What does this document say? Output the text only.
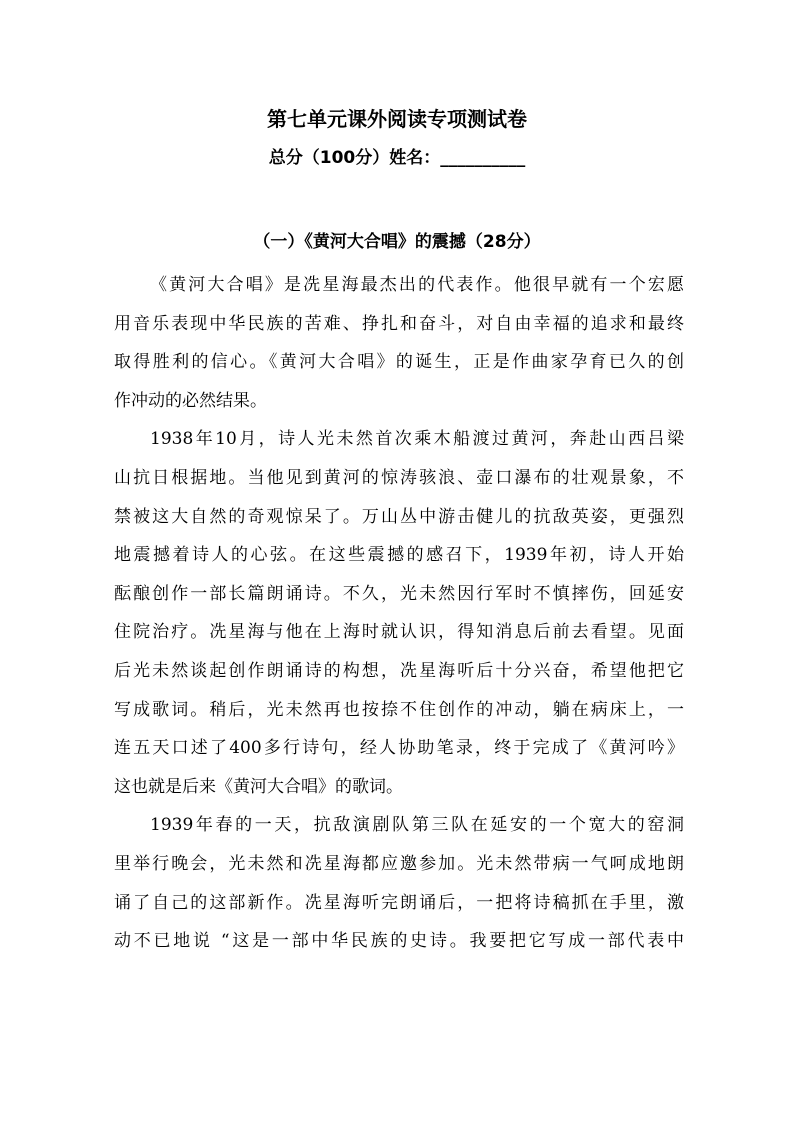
第七单元课外阅读专项测试卷
总分（100分）姓名：__________
（一）《黄河大合唱》的震撼（28分）
《黄河大合唱》是冼星海最杰出的代表作。他很早就有一个宏愿
用音乐表现中华民族的苦难、挣扎和奋斗，对自由幸福的追求和最终
取得胜利的信心。《黄河大合唱》的诞生，正是作曲家孕育已久的创
作冲动的必然结果。
1938年10月，诗人光未然首次乘木船渡过黄河，奔赴山西吕梁
山抗日根据地。当他见到黄河的惊涛骇浪、壶口瀑布的壮观景象，不
禁被这大自然的奇观惊呆了。万山丛中游击健儿的抗敌英姿，更强烈
地震撼着诗人的心弦。在这些震撼的感召下，1939年初，诗人开始
酝酿创作一部长篇朗诵诗。不久，光未然因行军时不慎摔伤，回延安
住院治疗。冼星海与他在上海时就认识，得知消息后前去看望。见面
后光未然谈起创作朗诵诗的构想，冼星海听后十分兴奋，希望他把它
写成歌词。稍后，光未然再也按捺不住创作的冲动，躺在病床上，一
连五天口述了400多行诗句，经人协助笔录，终于完成了《黄河吟》
这也就是后来《黄河大合唱》的歌词。
1939年春的一天，抗敌演剧队第三队在延安的一个宽大的窑洞
里举行晚会，光未然和冼星海都应邀参加。光未然带病一气呵成地朗
诵了自己的这部新作。冼星海听完朗诵后，一把将诗稿抓在手里，激
动不已地说 “这是一部中华民族的史诗。我要把它写成一部代表中
